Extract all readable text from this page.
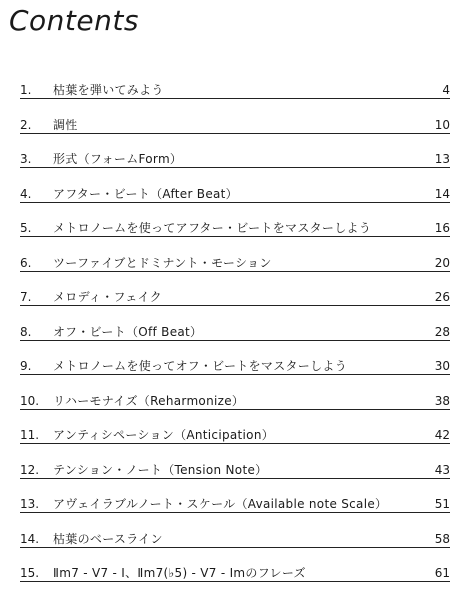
Contents
1. 枯葉を弾いてみよう	4
2. 調性	10
3. 形式（フォームForm）	13
4. アフター・ビート（After Beat）	14
5. メトロノームを使ってアフター・ビートをマスターしよう	16
6. ツーファイブとドミナント・モーション	20
7. メロディ・フェイク	26
8. オフ・ビート（Off Beat）	28
9. メトロノームを使ってオフ・ビートをマスターしよう	30
10. リハーモナイズ（Reharmonize）	38
11. アンティシペーション（Anticipation）	42
12. テンション・ノート（Tension Note）	43
13. アヴェイラブルノート・スケール（Available note Scale）	51
14. 枯葉のベースライン	58
15. Ⅱm7 - V7 - Ⅰ、Ⅱm7(♭5) - V7 - Ⅰmのフレーズ	61
